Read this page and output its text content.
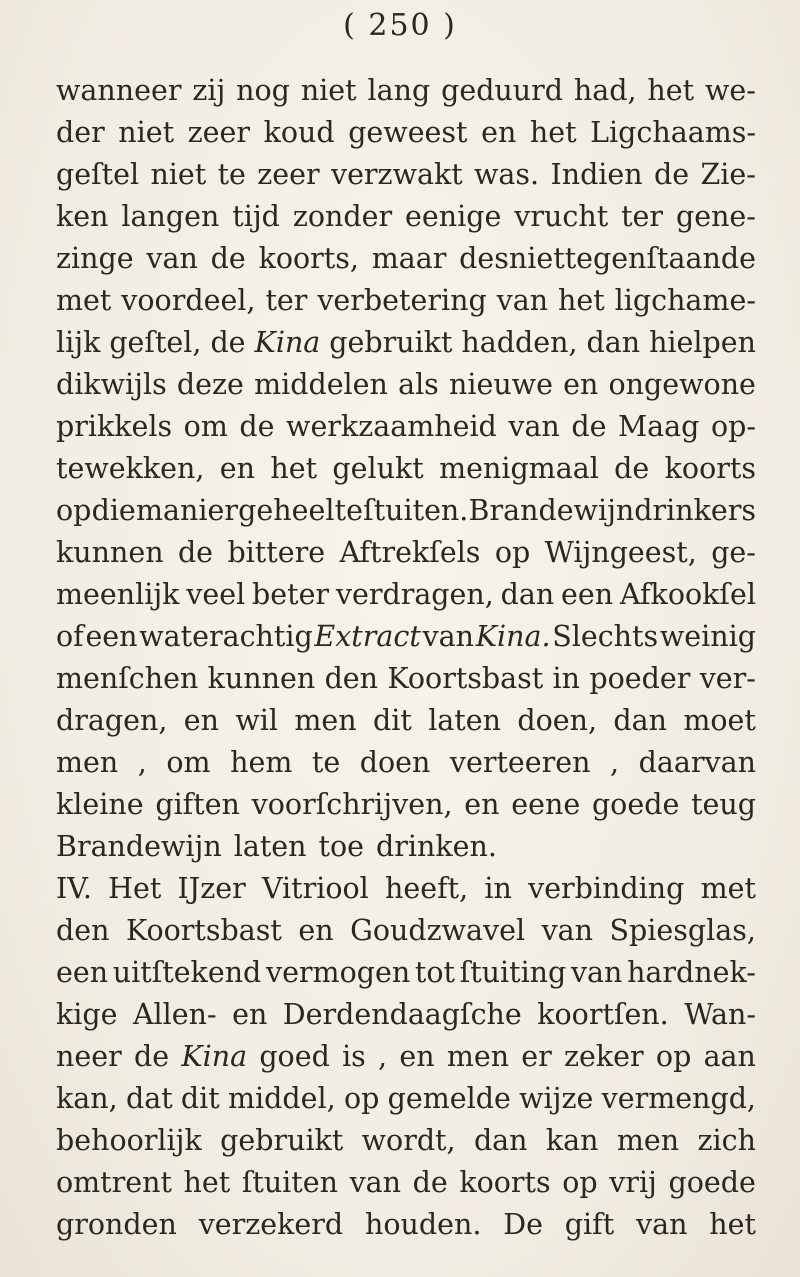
( 250 )
wanneer zij nog niet lang geduurd had, het we-
der niet zeer koud geweest en het Ligchaams-
geſtel niet te zeer verzwakt was. Indien de Zie-
ken langen tijd zonder eenige vrucht ter gene-
zinge van de koorts, maar desniettegenſtaande
met voordeel, ter verbetering van het ligchame-
lijk geſtel, de Kina gebruikt hadden, dan hielpen
dikwijls deze middelen als nieuwe en ongewone
prikkels om de werkzaamheid van de Maag op-
tewekken, en het gelukt menigmaal de koorts
op die manier geheel te ſtuiten. Brandewijndrinkers
kunnen de bittere Aftrekſels op Wijngeest, ge-
meenlijk veel beter verdragen, dan een Afkookſel
of een waterachtig Extract van Kina. Slechts weinig
menſchen kunnen den Koortsbast in poeder ver-
dragen, en wil men dit laten doen, dan moet
men , om hem te doen verteeren , daarvan
kleine giften voorſchrijven, en eene goede teug
Brandewijn laten toe drinken.
IV. Het IJzer Vitriool heeft, in verbinding met
den Koortsbast en Goudzwavel van Spiesglas,
een uitſtekend vermogen tot ſtuiting van hardnek-
kige Allen- en Derdendaagſche koortſen. Wan-
neer de Kina goed is , en men er zeker op aan
kan, dat dit middel, op gemelde wijze vermengd,
behoorlijk gebruikt wordt, dan kan men zich
omtrent het ſtuiten van de koorts op vrij goede
gronden verzekerd houden. De gift van het
